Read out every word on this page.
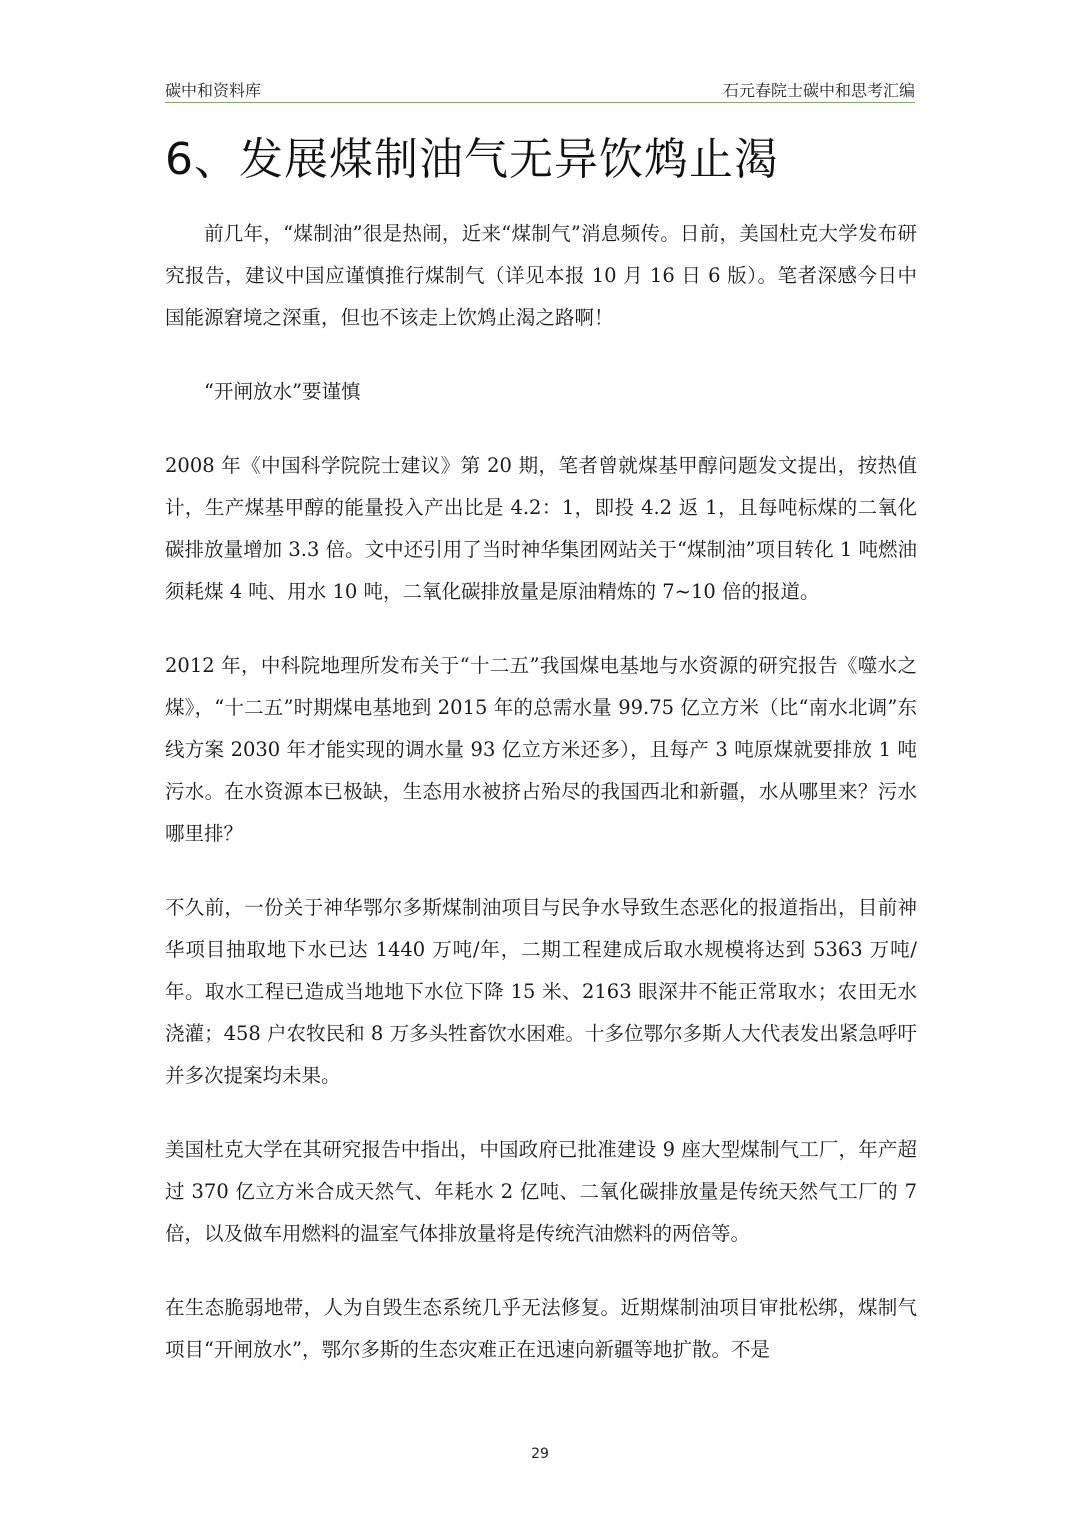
碳中和资料库	石元春院士碳中和思考汇编
6、发展煤制油气无异饮鸩止渴

前几年，“煤制油”很是热闹，近来“煤制气”消息频传。日前，美国杜克大学发布研究报告，建议中国应谨慎推行煤制气（详见本报 10 月 16 日 6 版）。笔者深感今日中国能源窘境之深重，但也不该走上饮鸩止渴之路啊！

“开闸放水”要谨慎

2008 年《中国科学院院士建议》第 20 期，笔者曾就煤基甲醇问题发文提出，按热值计，生产煤基甲醇的能量投入产出比是 4.2：1，即投 4.2 返 1，且每吨标煤的二氧化碳排放量增加 3.3 倍。文中还引用了当时神华集团网站关于“煤制油”项目转化 1 吨燃油须耗煤 4 吨、用水 10 吨，二氧化碳排放量是原油精炼的 7~10 倍的报道。

2012 年，中科院地理所发布关于“十二五”我国煤电基地与水资源的研究报告《噬水之煤》，“十二五”时期煤电基地到 2015 年的总需水量 99.75 亿立方米（比“南水北调”东线方案 2030 年才能实现的调水量 93 亿立方米还多），且每产 3 吨原煤就要排放 1 吨污水。在水资源本已极缺，生态用水被挤占殆尽的我国西北和新疆，水从哪里来？污水哪里排？

不久前，一份关于神华鄂尔多斯煤制油项目与民争水导致生态恶化的报道指出，目前神华项目抽取地下水已达 1440 万吨/年，二期工程建成后取水规模将达到 5363 万吨/年。取水工程已造成当地地下水位下降 15 米、2163 眼深井不能正常取水；农田无水浇灌；458 户农牧民和 8 万多头牲畜饮水困难。十多位鄂尔多斯人大代表发出紧急呼吁并多次提案均未果。

美国杜克大学在其研究报告中指出，中国政府已批准建设 9 座大型煤制气工厂，年产超过 370 亿立方米合成天然气、年耗水 2 亿吨、二氧化碳排放量是传统天然气工厂的 7 倍，以及做车用燃料的温室气体排放量将是传统汽油燃料的两倍等。

在生态脆弱地带，人为自毁生态系统几乎无法修复。近期煤制油项目审批松绑，煤制气项目“开闸放水”，鄂尔多斯的生态灾难正在迅速向新疆等地扩散。不是

29
